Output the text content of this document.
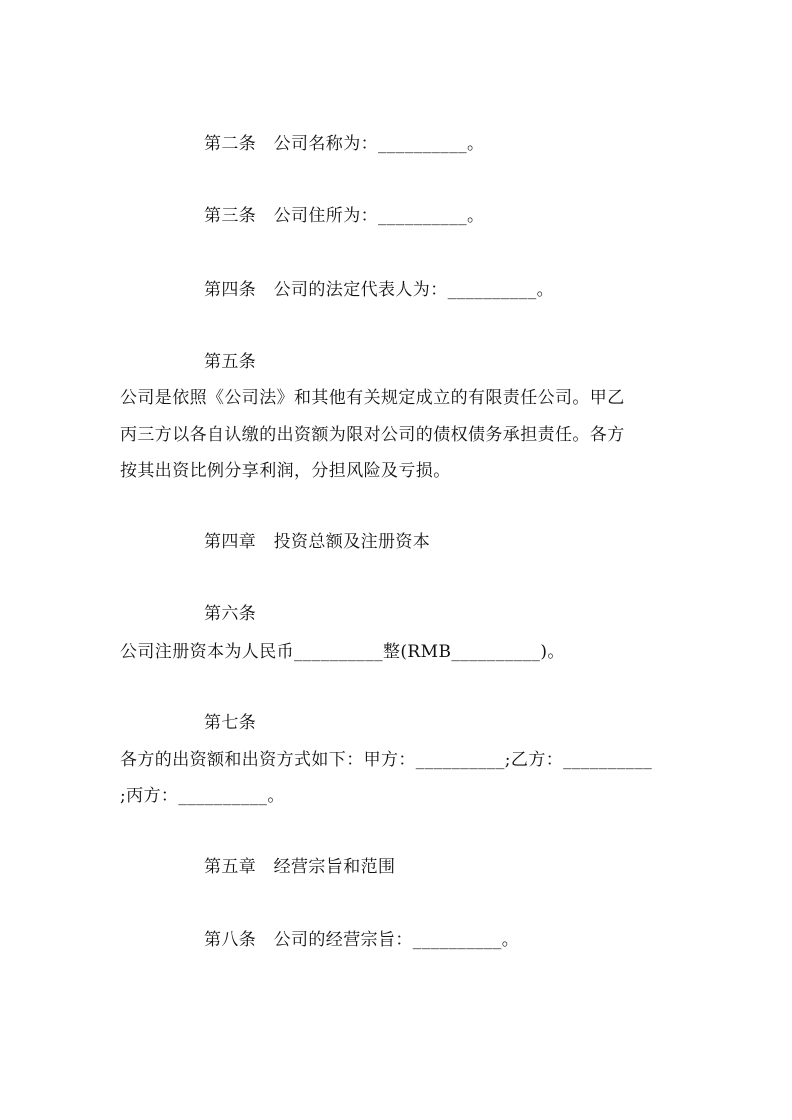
第二条　公司名称为：__________。
第三条　公司住所为：__________。
第四条　公司的法定代表人为：__________。
第五条
公司是依照《公司法》和其他有关规定成立的有限责任公司。甲乙
丙三方以各自认缴的出资额为限对公司的债权债务承担责任。各方
按其出资比例分享利润，分担风险及亏损。
第四章　投资总额及注册资本
第六条
公司注册资本为人民币__________整(RMB__________)。
第七条
各方的出资额和出资方式如下：甲方：__________;乙方：__________
;丙方：__________。
第五章　经营宗旨和范围
第八条　公司的经营宗旨：__________。
